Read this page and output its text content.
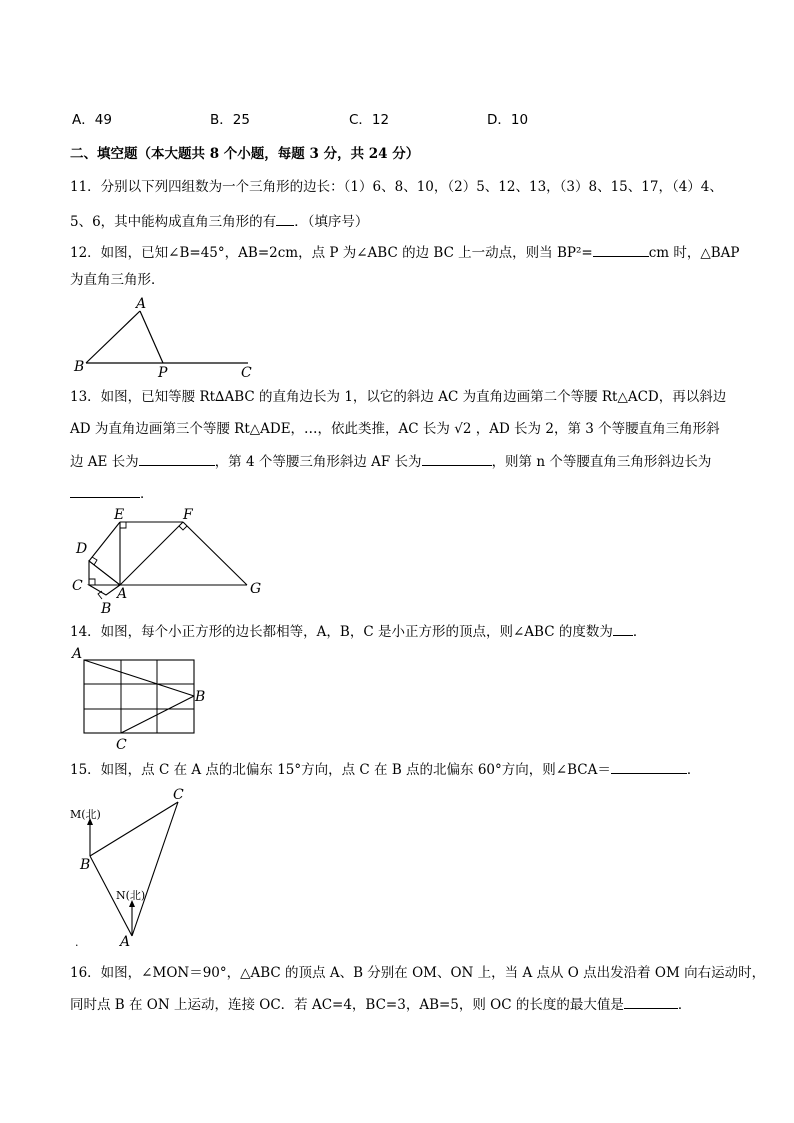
A．49	B．25	C．12	D．10
二、填空题（本大题共 8 个小题，每题 3 分，共 24 分）
11．分别以下列四组数为一个三角形的边长：（1）6、8、10，（2）5、12、13，（3）8、15、17，（4）4、
5、6，其中能构成直角三角形的有 ．（填序号）
12．如图，已知∠B=45°，AB=2cm，点 P 为∠ABC 的边 BC 上一动点，则当 BP²=	cm 时，△BAP
为直角三角形．
A
B	P	C
13．如图，已知等腰 Rt∆ABC 的直角边长为 1，以它的斜边 AC 为直角边画第二个等腰 Rt△ACD，再以斜边
AD 为直角边画第三个等腰 Rt△ADE，…，依此类推，AC 长为 √2 ，AD 长为 2，第 3 个等腰直角三角形斜
边 AE 长为	，第 4 个等腰三角形斜边 AF 长为	，则第 n 个等腰直角三角形斜边长为
．
E	F
D
C A
B
G
14．如图，每个小正方形的边长都相等，A，B，C 是小正方形的顶点，则∠ABC 的度数为 ．
A
B
C
15．如图，点 C 在 A 点的北偏东 15°方向，点 C 在 B 点的北偏东 60°方向，则∠BCA＝	．
M(北)
N(北)
B
C
A
.
16．如图，∠MON＝90°，△ABC 的顶点 A、B 分别在 OM、ON 上，当 A 点从 O 点出发沿着 OM 向右运动时，
同时点 B 在 ON 上运动，连接 OC．若 AC=4，BC=3，AB=5，则 OC 的长度的最大值是	．
